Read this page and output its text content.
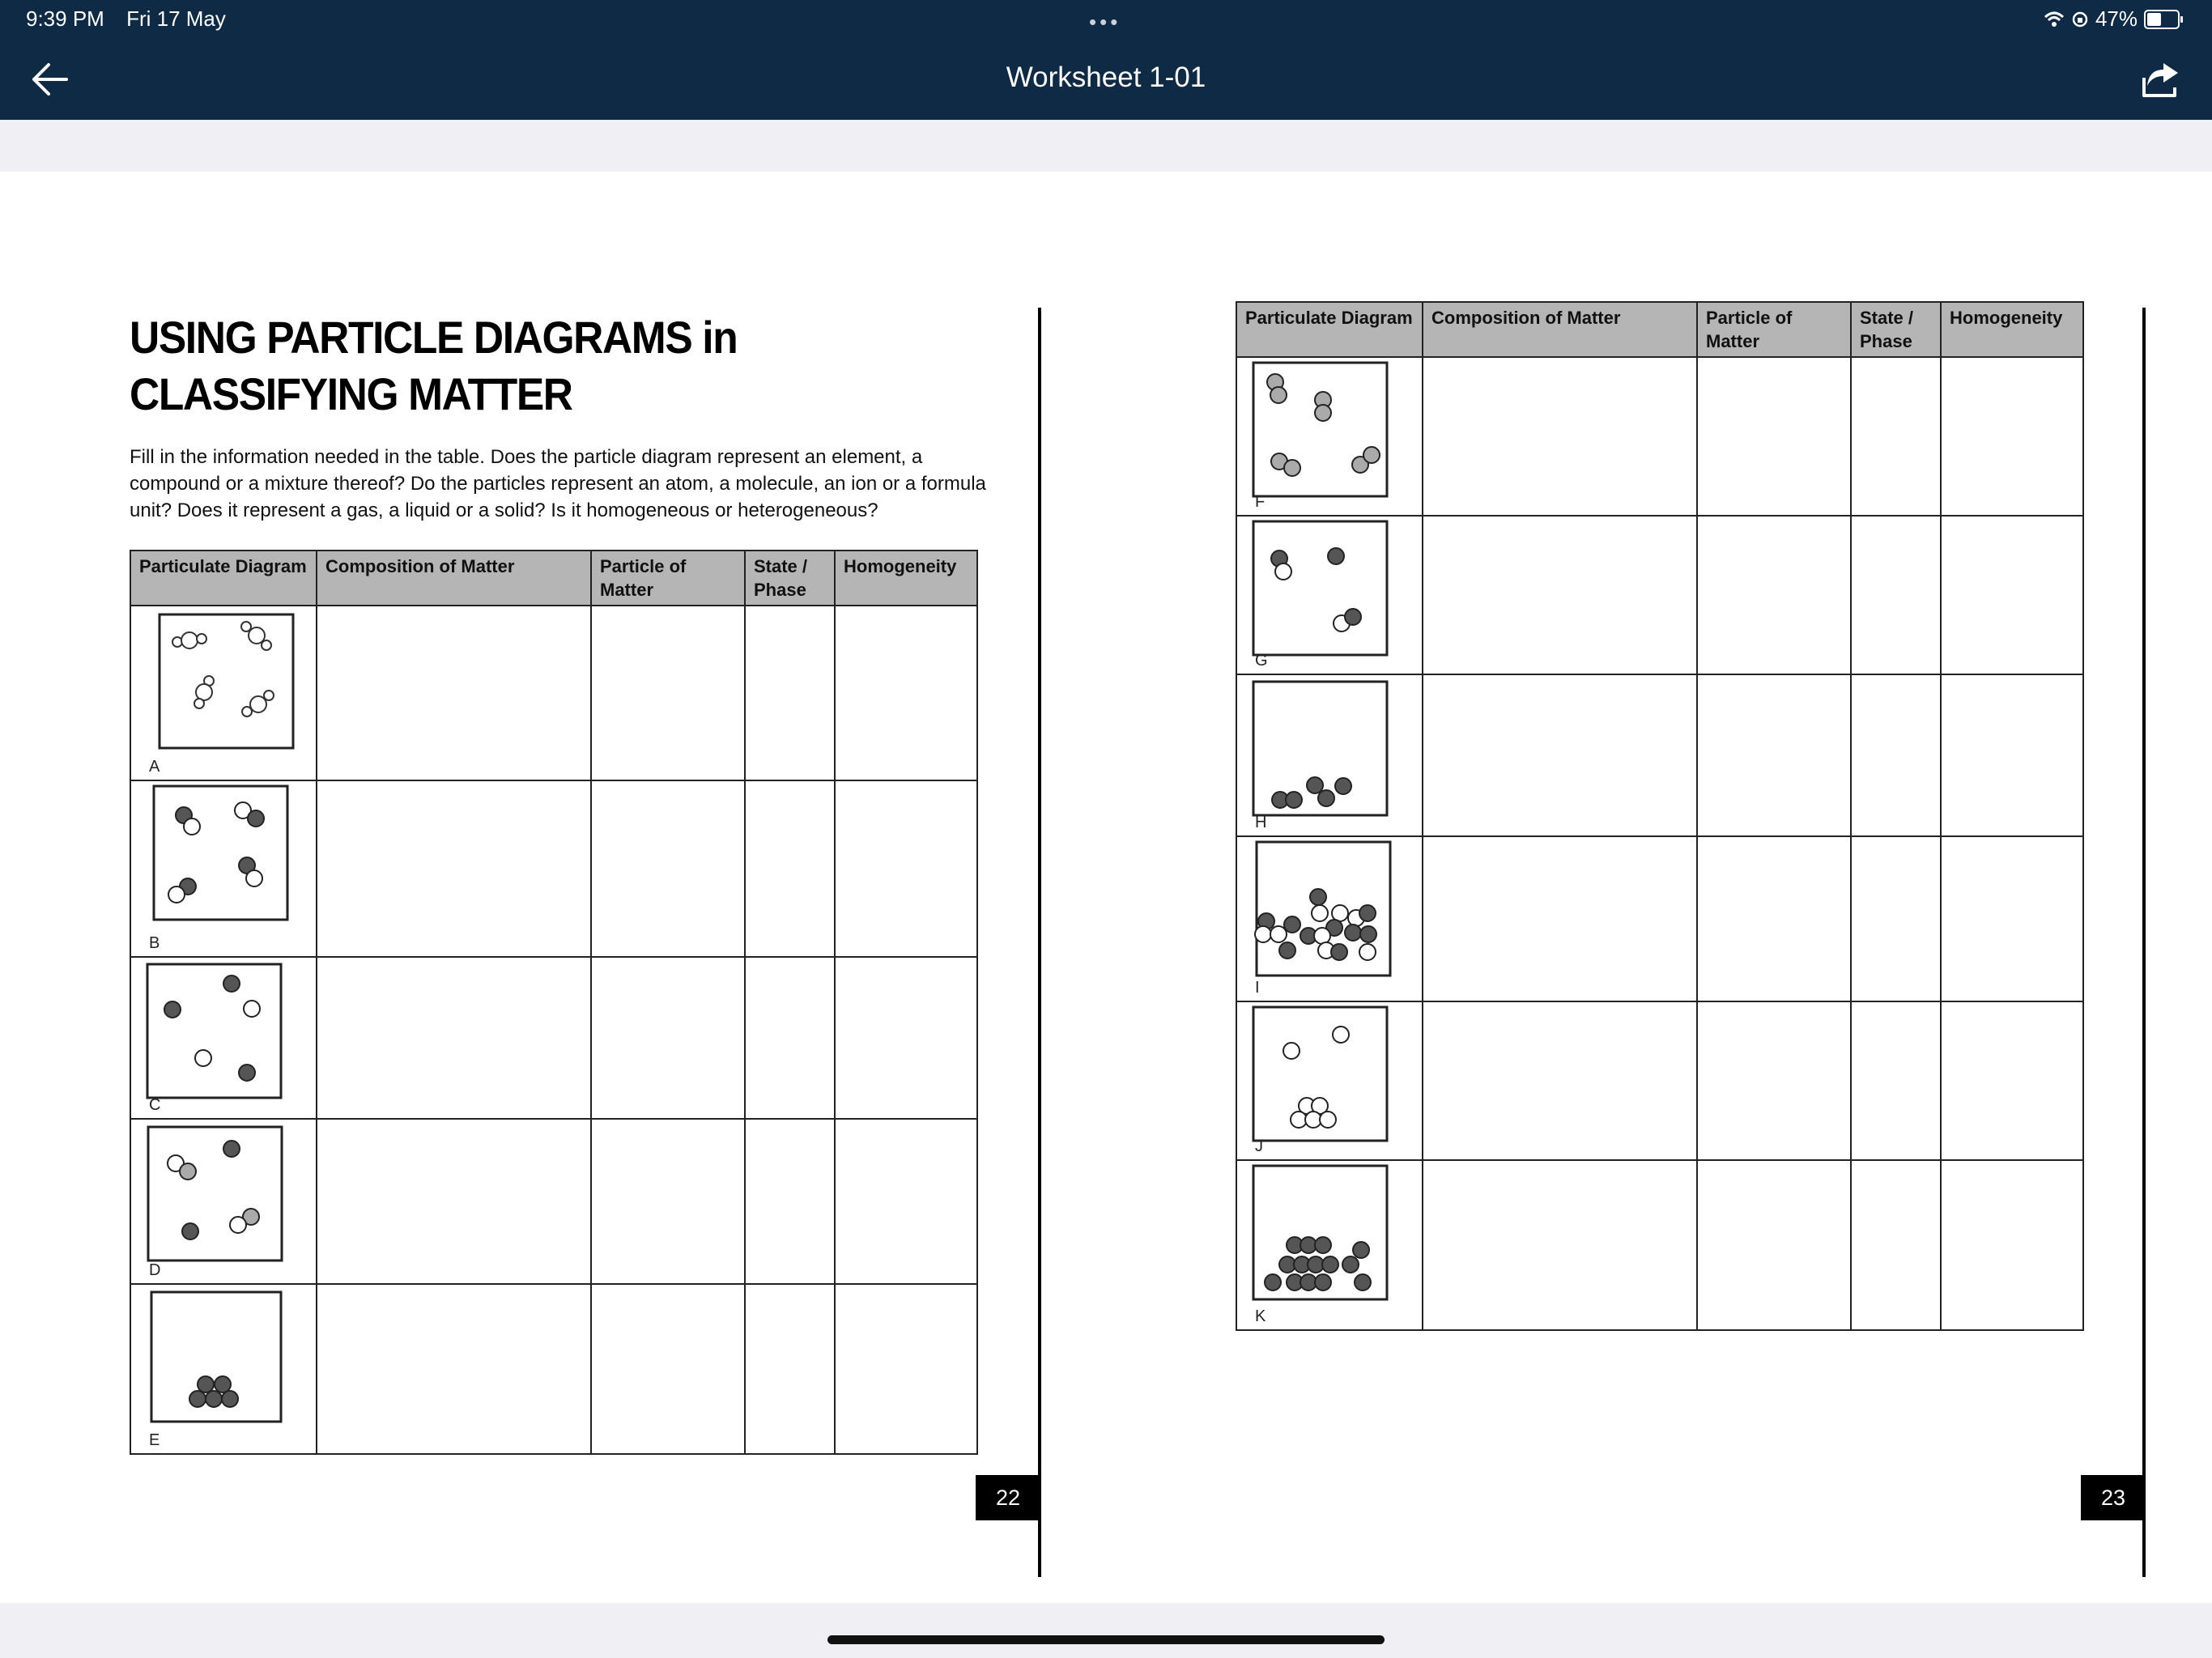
9:39 PM Fri 17 May	•••	47%
Worksheet 1-01
USING PARTICLE DIAGRAMS in CLASSIFYING MATTER
Fill in the information needed in the table. Does the particle diagram represent an element, a compound or a mixture thereof? Do the particles represent an atom, a molecule, an ion or a formula unit? Does it represent a gas, a liquid or a solid? Is it homogeneous or heterogeneous?
Particulate Diagram	Composition of Matter	Particle of Matter	State / Phase	Homogeneity

A				

B				

C				

D				

E				

22
Particulate Diagram	Composition of Matter	Particle of Matter	State / Phase	Homogeneity

F				

G				

H				

I				

J				

K				

23
